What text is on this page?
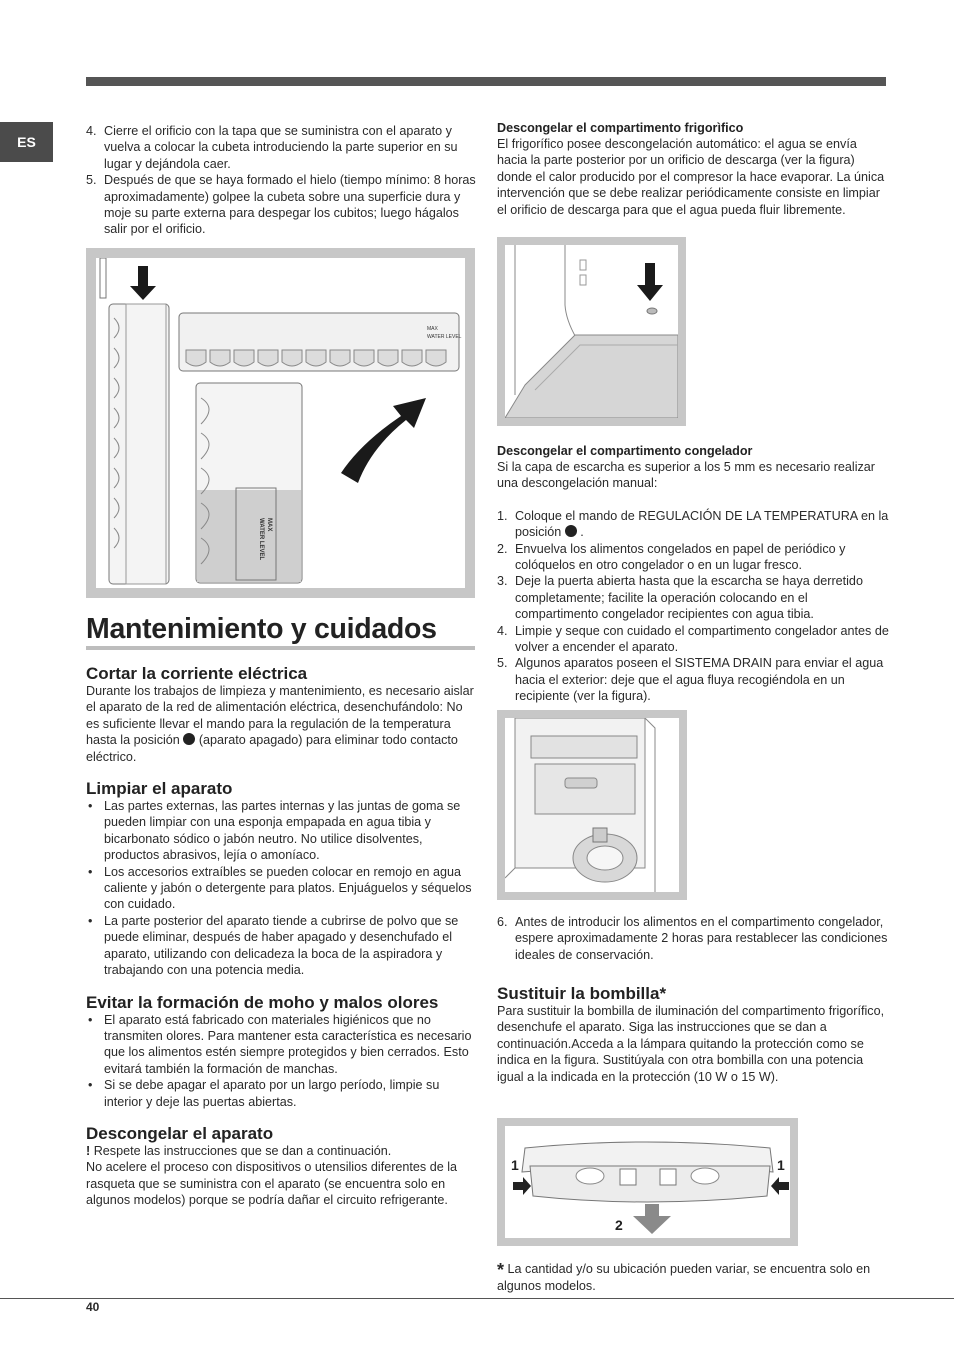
ES
4. Cierre el orificio con la tapa que se suministra con el aparato y vuelva a colocar la cubeta introduciendo la parte superior en su lugar y dejándola caer.
5. Después de que se haya formado el hielo (tiempo mínimo: 8 horas aproximadamente) golpee la cubeta sobre una superficie dura y moje su parte externa para despegar los cubitos; luego hágalos salir por el orificio.
MAX
WATER LEVEL
MAX
WATER LEVEL
Mantenimiento y cuidados
Cortar la corriente eléctrica

Durante los trabajos de limpieza y mantenimiento, es necesario aislar el aparato de la red de alimentación eléctrica, desenchufándolo: No es suficiente llevar el mando para la regulación de la temperatura hasta la posición (aparato apagado) para eliminar todo contacto eléctrico.

Limpiar el aparato
• Las partes externas, las partes internas y las juntas de goma se pueden limpiar con una esponja empapada en agua tibia y bicarbonato sódico o jabón neutro. No utilice disolventes, productos abrasivos, lejía o amoníaco.
• Los accesorios extraíbles se pueden colocar en remojo en agua caliente y jabón o detergente para platos. Enjuáguelos y séquelos con cuidado.
• La parte posterior del aparato tiende a cubrirse de polvo que se puede eliminar, después de haber apagado y desenchufado el aparato, utilizando con delicadeza la boca de la aspiradora y trabajando con una potencia media.
Evitar la formación de moho y malos olores
• El aparato está fabricado con materiales higiénicos que no transmiten olores. Para mantener esta característica es necesario que los alimentos estén siempre protegidos y bien cerrados. Esto evitará también la formación de manchas.
• Si se debe apagar el aparato por un largo período, limpie su interior y deje las puertas abiertas.
Descongelar el aparato

! Respete las instrucciones que se dan a continuación.

No acelere el proceso con dispositivos o utensilios diferentes de la rasqueta que se suministra con el aparato (se encuentra solo en algunos modelos) porque se podría dañar el circuito refrigerante.

Descongelar el compartimento frigorìfico

El frigorífico posee descongelación automático: el agua se envía hacia la parte posterior por un orificio de descarga (ver la figura) donde el calor producido por el compresor la hace evaporar. La única intervención que se debe realizar periódicamente consiste en limpiar el orificio de descarga para que el agua pueda fluir libremente.

Descongelar el compartimento congelador

Si la capa de escarcha es superior a los 5 mm es necesario realizar una descongelación manual:

1. Coloque el mando de REGULACIÓN DE LA TEMPERATURA en la posición .
2. Envuelva los alimentos congelados en papel de periódico y colóquelos en otro congelador o en un lugar fresco.
3. Deje la puerta abierta hasta que la escarcha se haya derretido completamente; facilite la operación colocando en el compartimento congelador recipientes con agua tibia.
4. Limpie y seque con cuidado el compartimento congelador antes de volver a encender el aparato.
5. Algunos aparatos poseen el SISTEMA DRAIN para enviar el agua hacia el exterior: deje que el agua fluya recogiéndola en un recipiente (ver la figura).
6. Antes de introducir los alimentos en el compartimento congelador, espere aproximadamente 2 horas para restablecer las condiciones ideales de conservación.
Sustituir la bombilla*

Para sustituir la bombilla de iluminación del compartimento frigorífico, desenchufe el aparato. Siga las instrucciones que se dan a continuación.Acceda a la lámpara quitando la protección como se indica en la figura. Sustitúyala con otra bombilla con una potencia igual a la indicada en la protección (10 W o 15 W).

1	1
2

* La cantidad y/o su ubicación pueden variar, se encuentra solo en algunos modelos.

40
